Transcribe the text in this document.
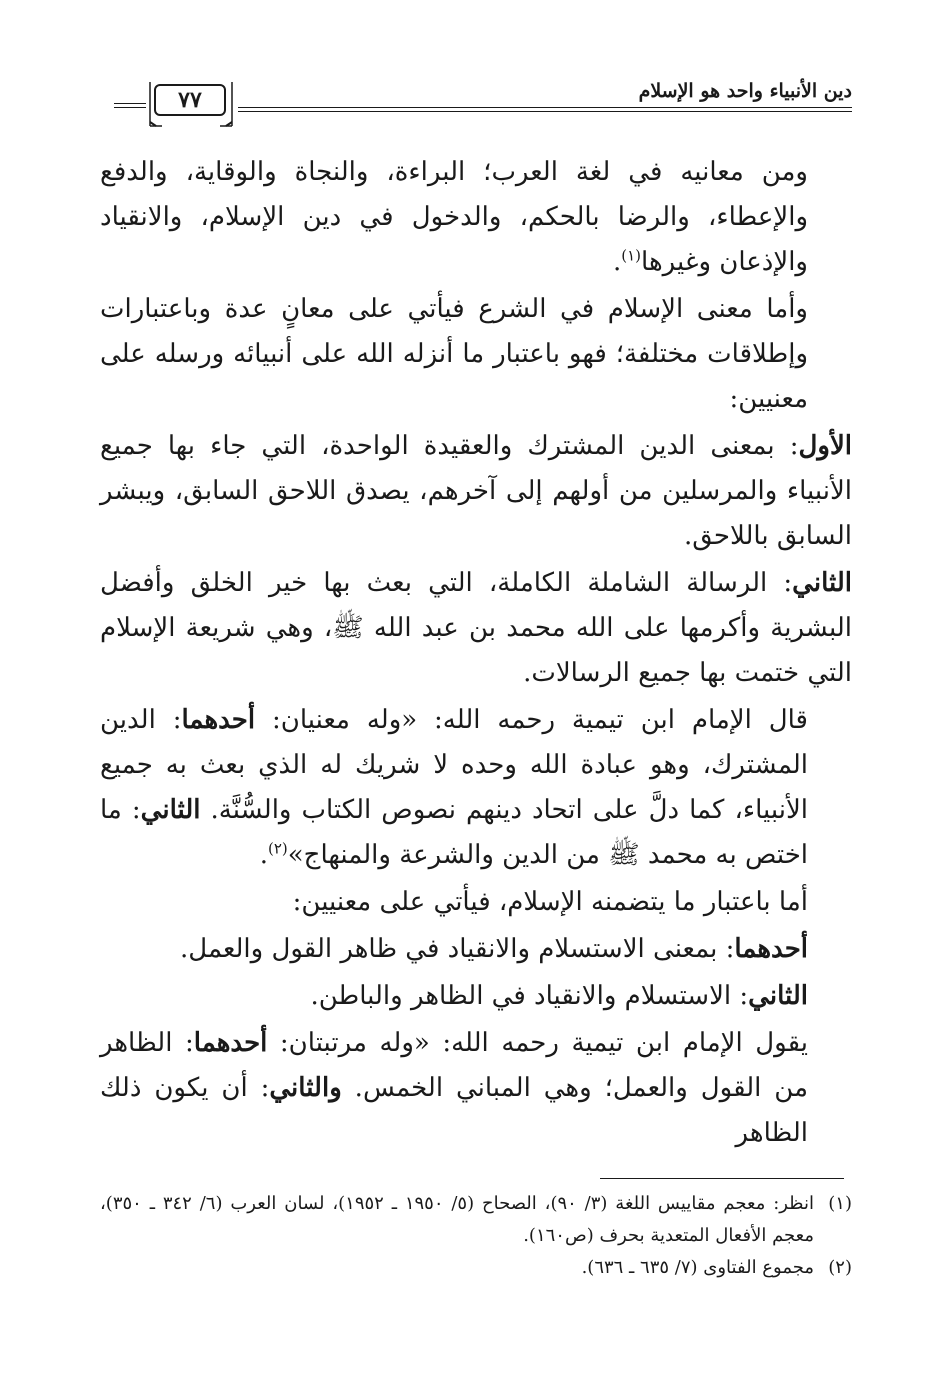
دين الأنبياء واحد هو الإسلام
٧٧

ومن معانيه في لغة العرب؛ البراءة، والنجاة والوقاية، والدفع والإعطاء، والرضا بالحكم، والدخول في دين الإسلام، والانقياد والإذعان وغيرها$^{(١)}$.

وأما معنى الإسلام في الشرع فيأتي على معانٍ عدة وباعتبارات وإطلاقات مختلفة؛ فهو باعتبار ما أنزله الله على أنبيائه ورسله على معنيين:

الأول: بمعنى الدين المشترك والعقيدة الواحدة، التي جاء بها جميع الأنبياء والمرسلين من أولهم إلى آخرهم، يصدق اللاحق السابق، ويبشر السابق باللاحق.

الثاني: الرسالة الشاملة الكاملة، التي بعث بها خير الخلق وأفضل البشرية وأكرمها على الله محمد بن عبد الله ﷺ، وهي شريعة الإسلام التي ختمت بها جميع الرسالات.

قال الإمام ابن تيمية رحمه الله: «وله معنيان: أحدهما: الدين المشترك، وهو عبادة الله وحده لا شريك له الذي بعث به جميع الأنبياء، كما دلَّ على اتحاد دينهم نصوص الكتاب والسُّنَّة. الثاني: ما اختص به محمد ﷺ من الدين والشرعة والمنهاج»$^{(٢)}$.

أما باعتبار ما يتضمنه الإسلام، فيأتي على معنيين:

أحدهما: بمعنى الاستسلام والانقياد في ظاهر القول والعمل.

الثاني: الاستسلام والانقياد في الظاهر والباطن.

يقول الإمام ابن تيمية رحمه الله: «وله مرتبتان: أحدهما: الظاهر من القول والعمل؛ وهي المباني الخمس. والثاني: أن يكون ذلك الظاهر

(١)انظر: معجم مقاييس اللغة (٣/ ٩٠)، الصحاح (٥/ ١٩٥٠ ـ ١٩٥٢)، لسان العرب (٦/ ٣٤٢ ـ ٣٥٠)، معجم الأفعال المتعدية بحرف (ص١٦٠).

(٢)مجموع الفتاوى (٧/ ٦٣٥ ـ ٦٣٦).
